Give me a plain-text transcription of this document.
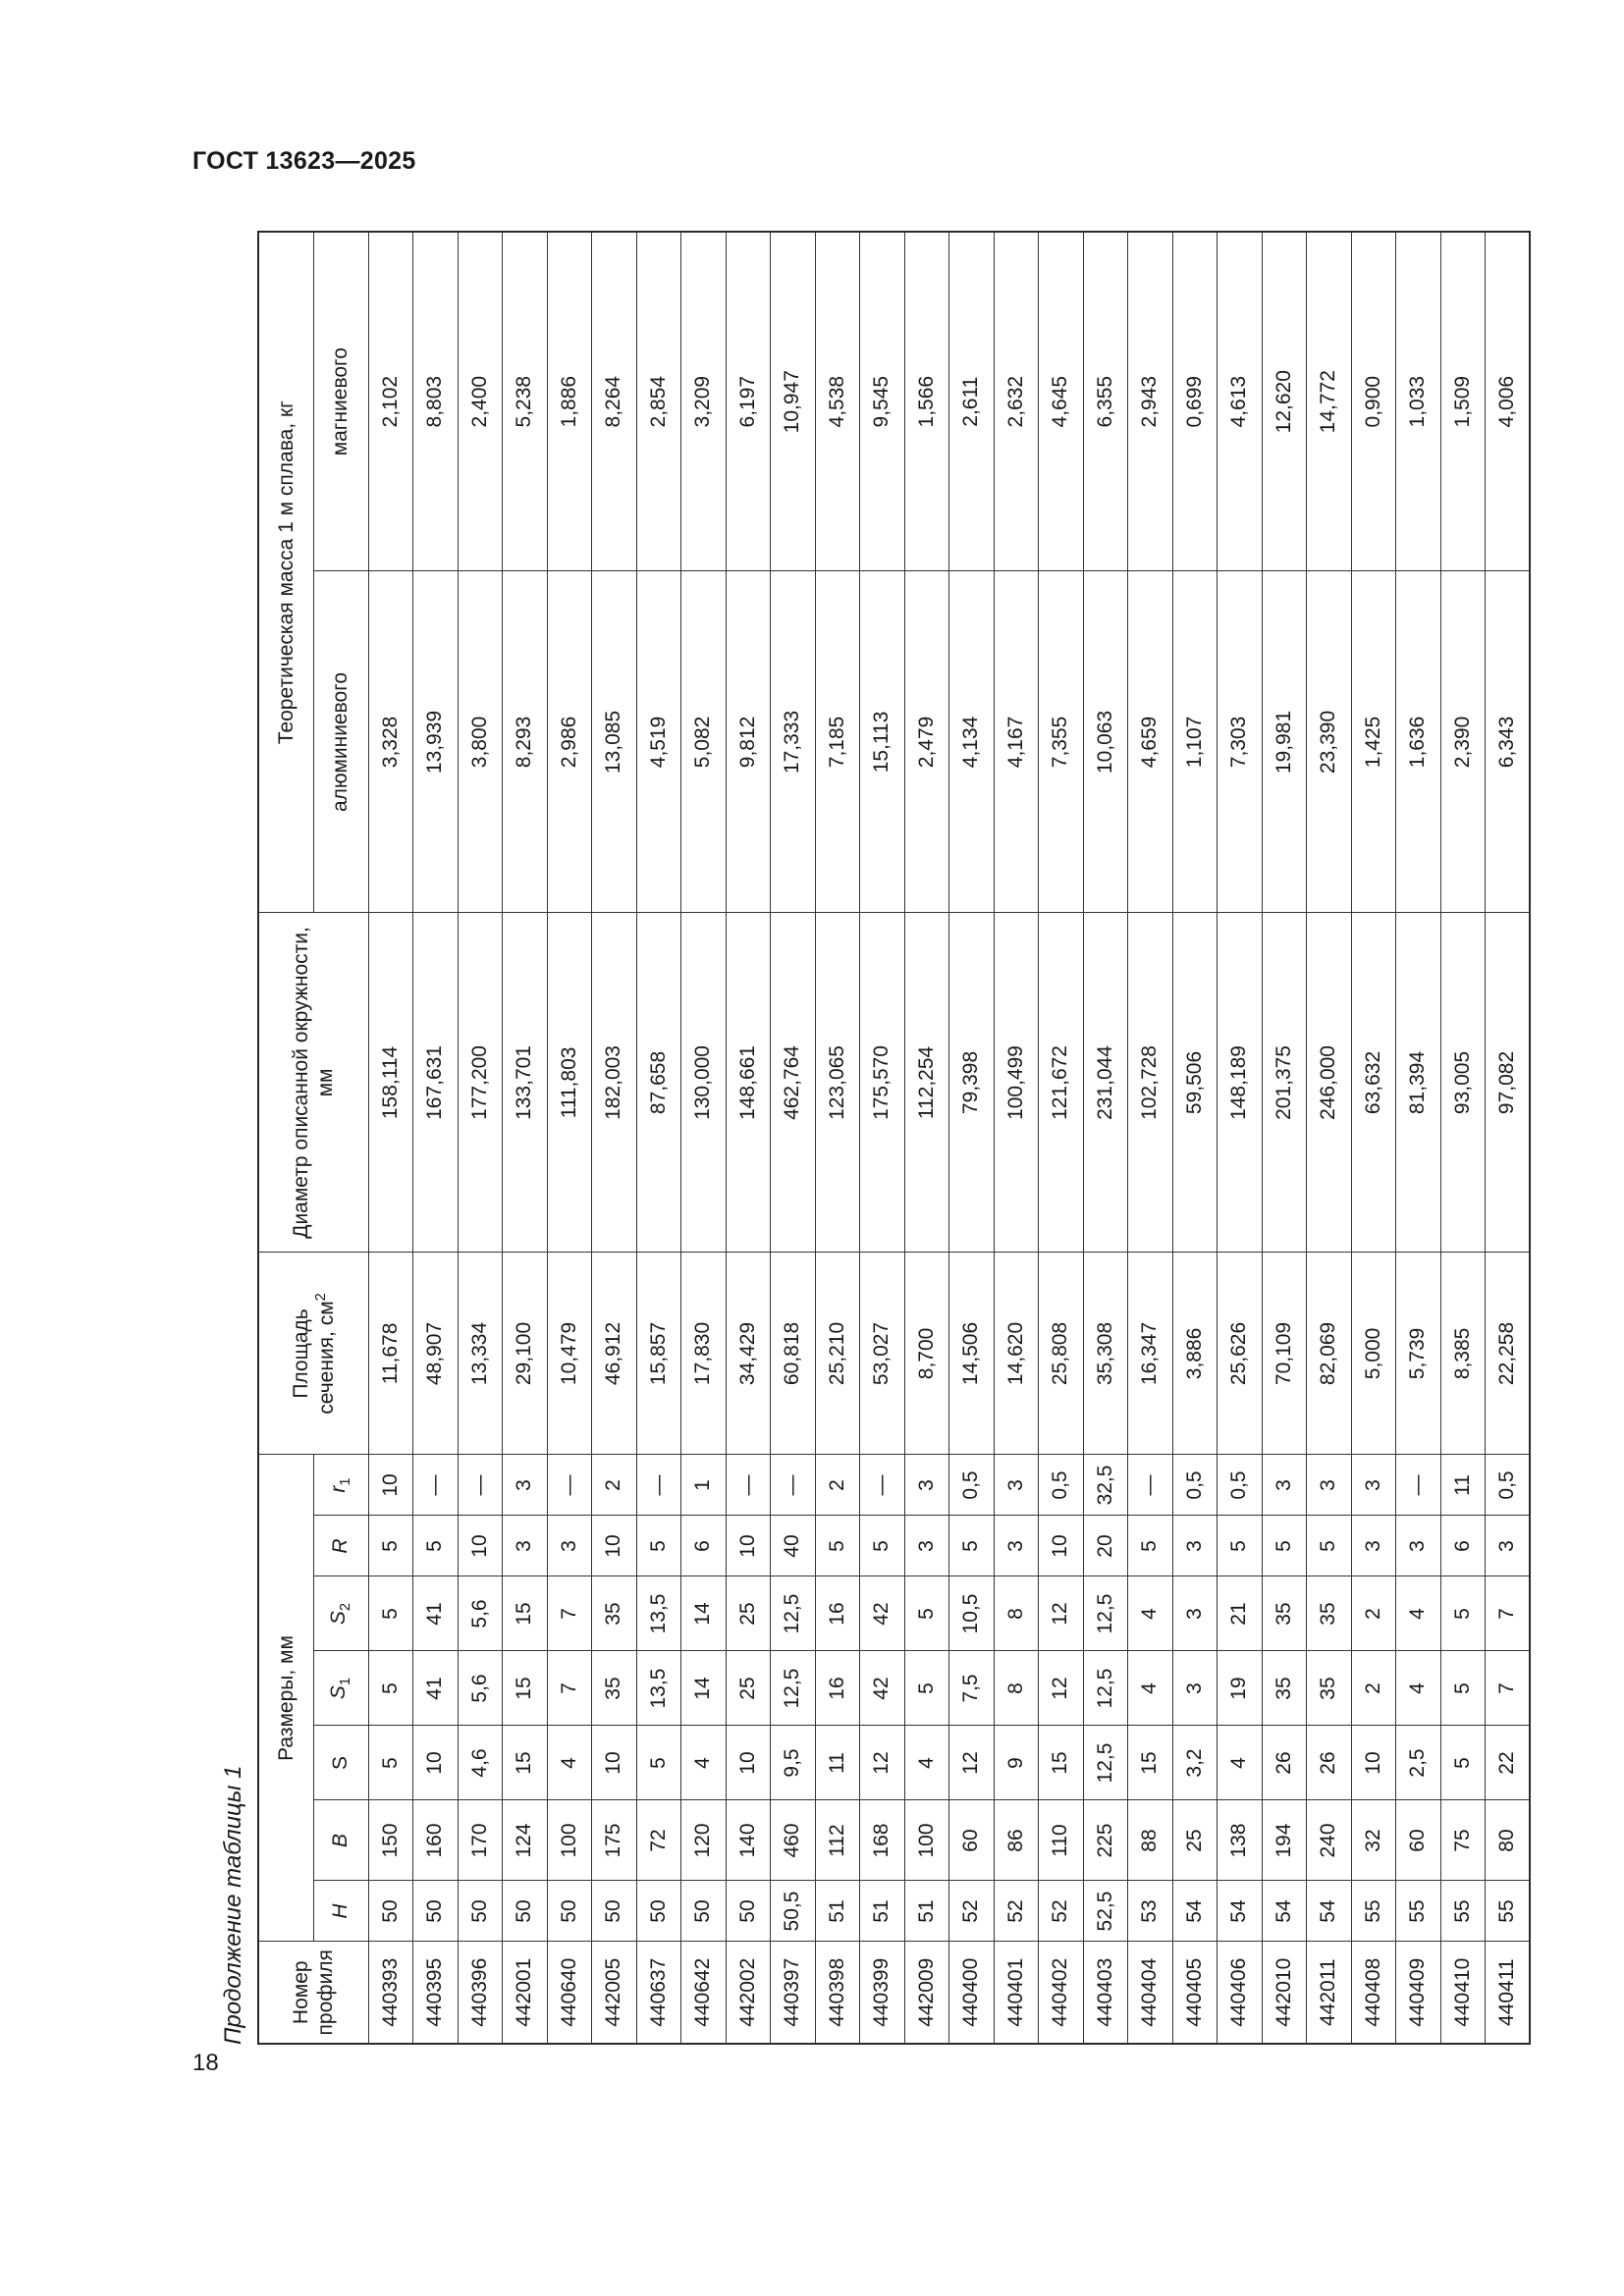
ГОСТ 13623—2025
Продолжение таблицы 1 Номер профиля	Размеры, мм							Площадь сечения, $см^2$	Диаметр описанной окружности, мм	Теоретическая масса 1 м сплава, кг	
	H	B	S	$S_1$	$S_2$	R	$r_1$			алюминиевого	магниевого
440393	50	150	5	5	5	5	10	11,678	158,114	3,328	2,102
440395	50	160	10	41	41	5	—	48,907	167,631	13,939	8,803
440396	50	170	4,6	5,6	5,6	10	—	13,334	177,200	3,800	2,400
442001	50	124	15	15	15	3	3	29,100	133,701	8,293	5,238
440640	50	100	4	7	7	3	—	10,479	111,803	2,986	1,886
442005	50	175	10	35	35	10	2	46,912	182,003	13,085	8,264
440637	50	72	5	13,5	13,5	5	—	15,857	87,658	4,519	2,854
440642	50	120	4	14	14	6	1	17,830	130,000	5,082	3,209
442002	50	140	10	25	25	10	—	34,429	148,661	9,812	6,197
440397	50,5	460	9,5	12,5	12,5	40	—	60,818	462,764	17,333	10,947
440398	51	112	11	16	16	5	2	25,210	123,065	7,185	4,538
440399	51	168	12	42	42	5	—	53,027	175,570	15,113	9,545
442009	51	100	4	5	5	3	3	8,700	112,254	2,479	1,566
440400	52	60	12	7,5	10,5	5	0,5	14,506	79,398	4,134	2,611
440401	52	86	9	8	8	3	3	14,620	100,499	4,167	2,632
440402	52	110	15	12	12	10	0,5	25,808	121,672	7,355	4,645
440403	52,5	225	12,5	12,5	12,5	20	32,5	35,308	231,044	10,063	6,355
440404	53	88	15	4	4	5	—	16,347	102,728	4,659	2,943
440405	54	25	3,2	3	3	3	0,5	3,886	59,506	1,107	0,699
440406	54	138	4	19	21	5	0,5	25,626	148,189	7,303	4,613
442010	54	194	26	35	35	5	3	70,109	201,375	19,981	12,620
442011	54	240	26	35	35	5	3	82,069	246,000	23,390	14,772
440408	55	32	10	2	2	3	3	5,000	63,632	1,425	0,900
440409	55	60	2,5	4	4	3	—	5,739	81,394	1,636	1,033
440410	55	75	5	5	5	6	11	8,385	93,005	2,390	1,509
440411	55	80	22	7	7	3	0,5	22,258	97,082	6,343	4,006
18
